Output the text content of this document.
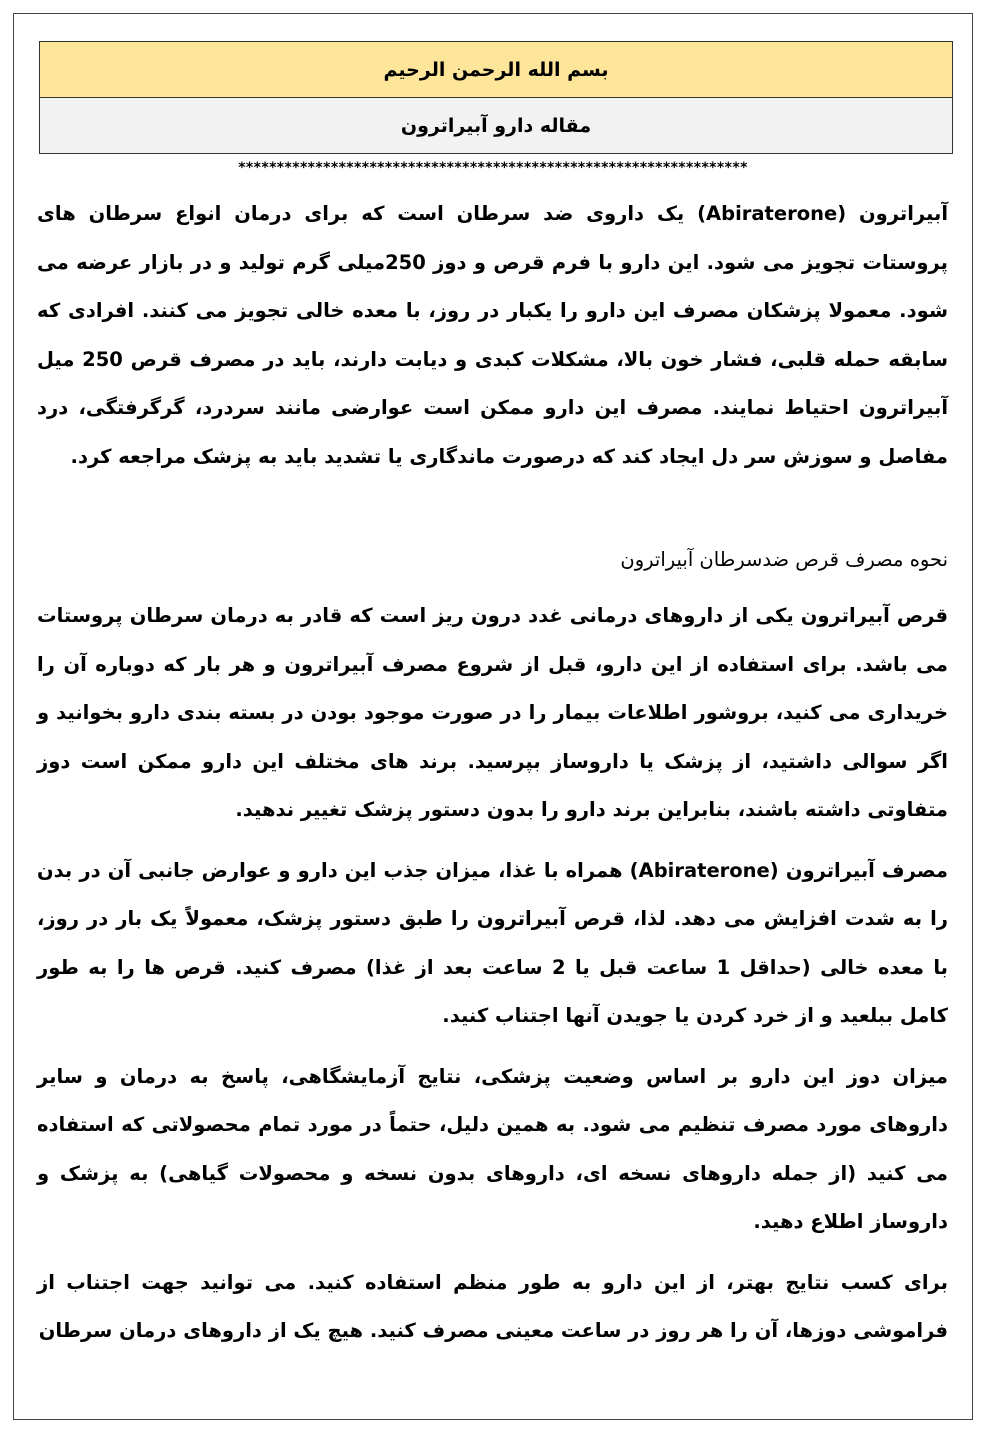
بسم الله الرحمن الرحیم
مقاله دارو آبیراترون
******************************************************************

آبیراترون (Abiraterone) یک داروی ضد سرطان است که برای درمان انواع سرطان های پروستات تجویز می شود. این دارو با فرم قرص و دوز 250میلی گرم تولید و در بازار عرضه می شود. معمولا پزشکان مصرف این دارو را یکبار در روز، با معده خالی تجویز می کنند. افرادی که سابقه حمله قلبی، فشار خون بالا، مشکلات کبدی و دیابت دارند، باید در مصرف قرص 250 میل آبیراترون احتیاط نمایند. مصرف این دارو ممکن است عوارضی مانند سردرد، گرگرفتگی، درد مفاصل و سوزش سر دل ایجاد کند که درصورت ماندگاری یا تشدید باید به پزشک مراجعه کرد.

نحوه مصرف قرص ضدسرطان آبیراترون

قرص آبیراترون یکی از داروهای درمانی غدد درون ریز است که قادر به درمان سرطان پروستات می باشد. برای استفاده از این دارو، قبل از شروع مصرف آبیراترون و هر بار که دوباره آن را خریداری می کنید، بروشور اطلاعات بیمار را در صورت موجود بودن در بسته بندی دارو بخوانید و اگر سوالی داشتید، از پزشک یا داروساز بپرسید. برند های مختلف این دارو ممکن است دوز متفاوتی داشته باشند، بنابراین برند دارو را بدون دستور پزشک تغییر ندهید.

مصرف آبیراترون (Abiraterone) همراه با غذا، میزان جذب این دارو و عوارض جانبی آن در بدن را به شدت افزایش می دهد. لذا، قرص آبیراترون را طبق دستور پزشک، معمولاً یک بار در روز، با معده خالی (حداقل 1 ساعت قبل یا 2 ساعت بعد از غذا) مصرف کنید. قرص ها را به طور کامل ببلعید و از خرد کردن یا جویدن آنها اجتناب کنید.

میزان دوز این دارو بر اساس وضعیت پزشکی، نتایج آزمایشگاهی، پاسخ به درمان و سایر داروهای مورد مصرف تنظیم می شود. به همین دلیل، حتماً در مورد تمام محصولاتی که استفاده می کنید (از جمله داروهای نسخه ای، داروهای بدون نسخه و محصولات گیاهی) به پزشک و داروساز اطلاع دهید.

برای کسب نتایج بهتر، از این دارو به طور منظم استفاده کنید. می توانید جهت اجتناب از فراموشی دوزها، آن را هر روز در ساعت معینی مصرف کنید. هیچ یک از داروهای درمان سرطان
